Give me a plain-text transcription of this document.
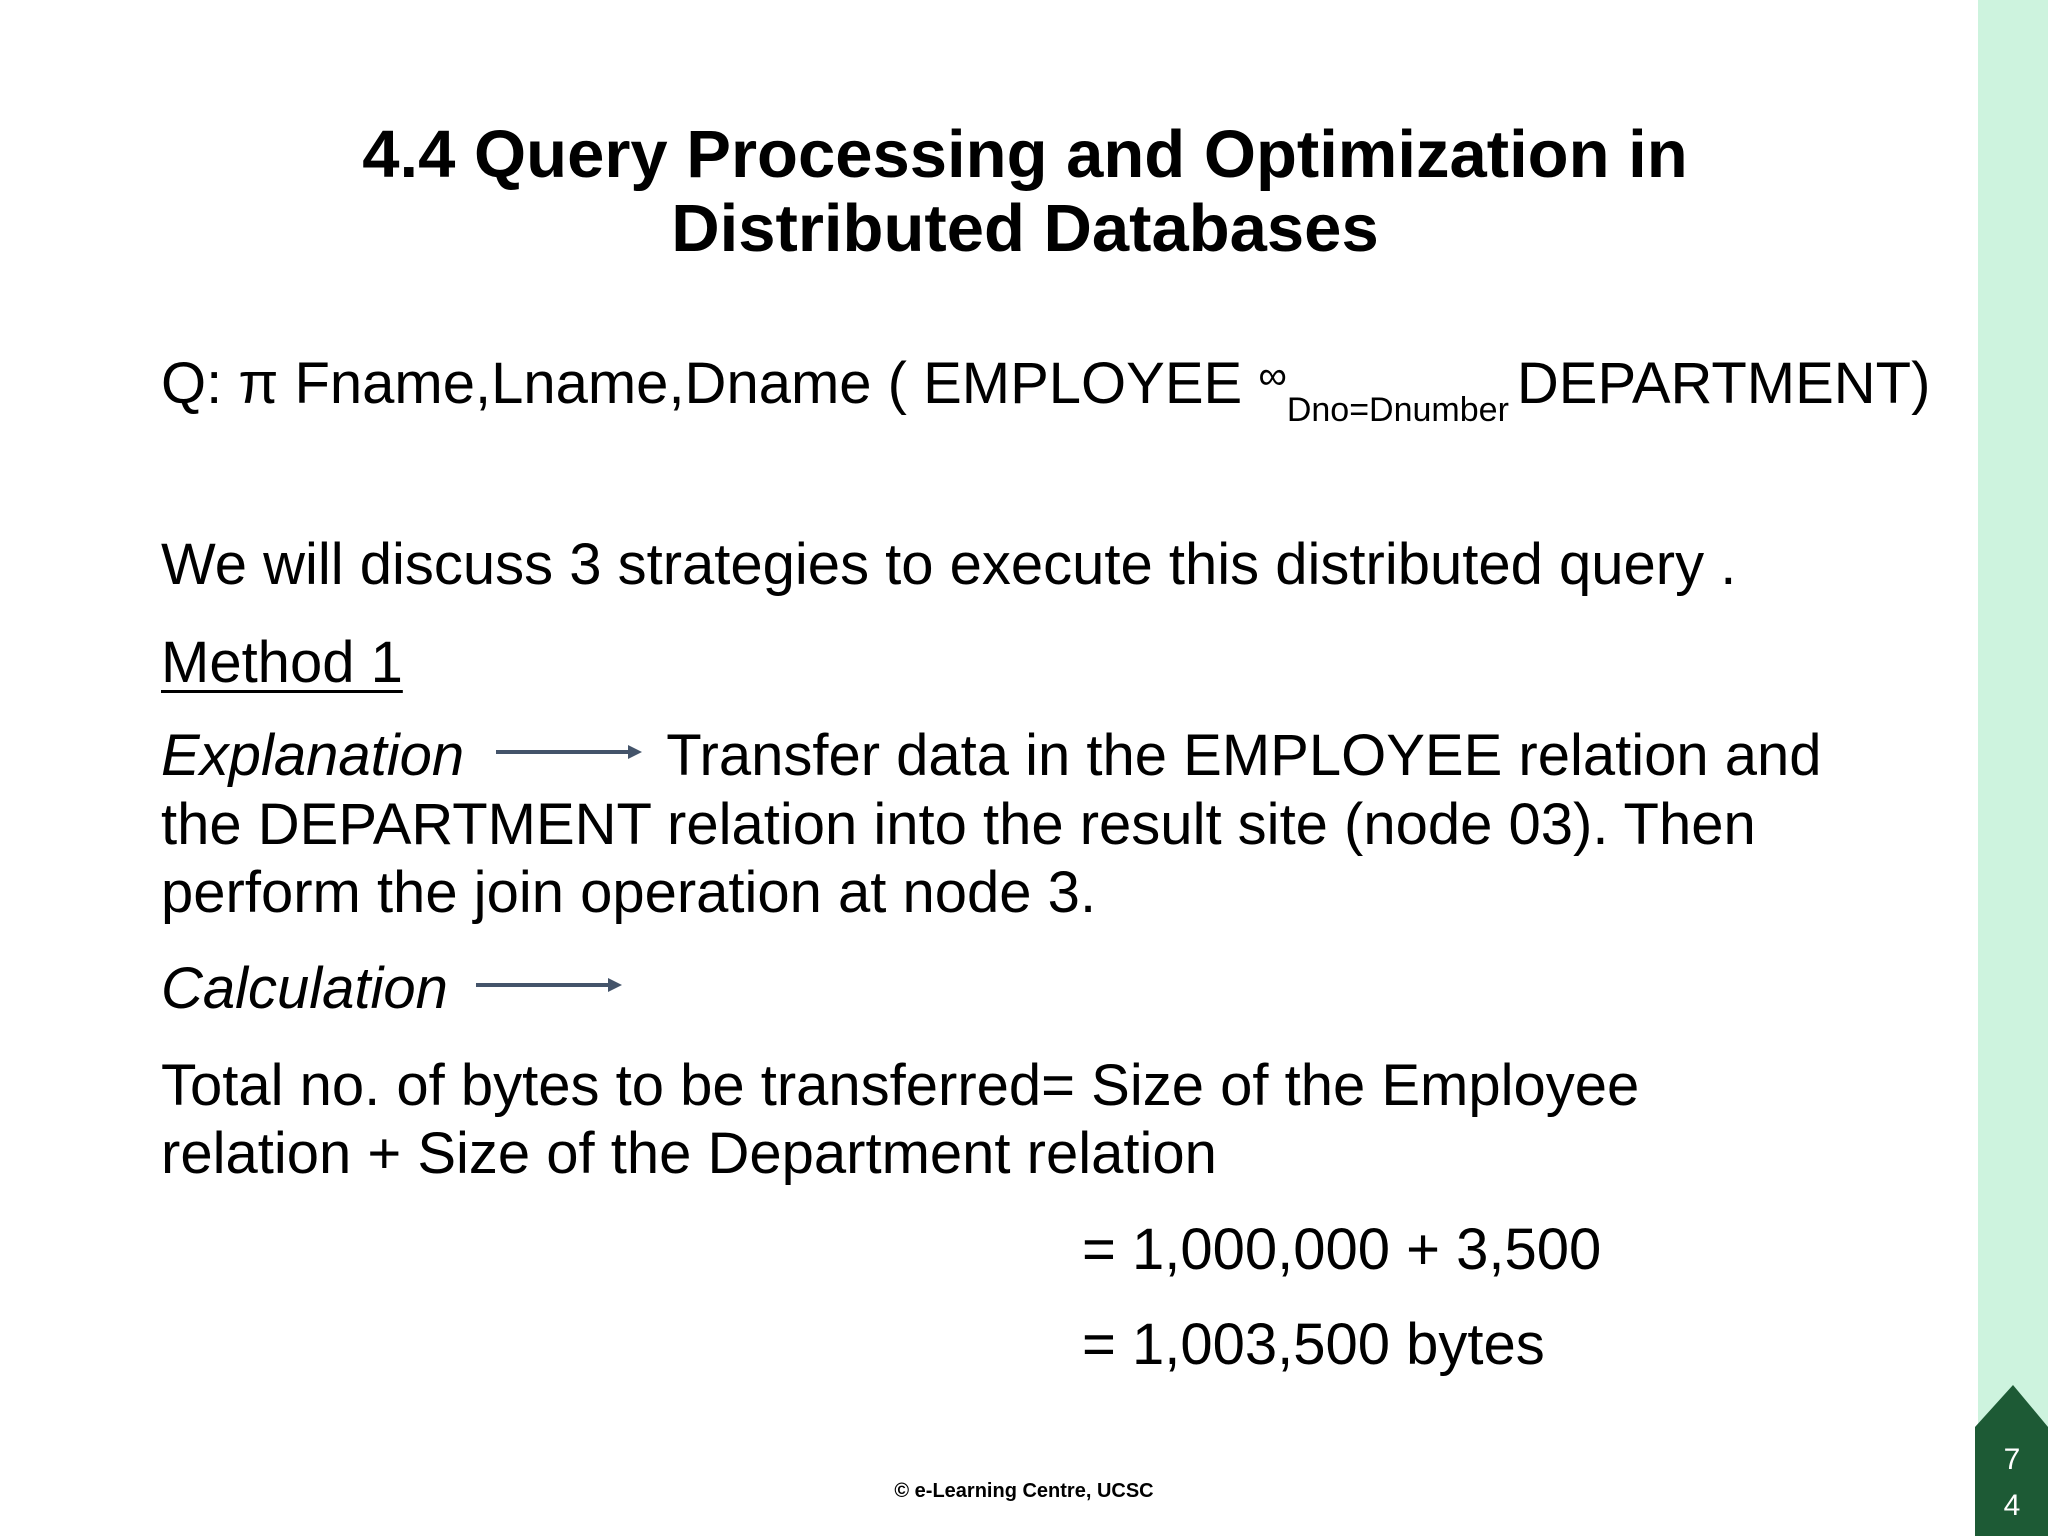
4.4 Query Processing and Optimization in
Distributed Databases
Q: π Fname,Lname,Dname ( EMPLOYEE ∞$_{Dno=Dnumber}$ DEPARTMENT)
We will discuss 3 strategies to execute this distributed query .
Method 1
Explanation	Transfer data in the EMPLOYEE relation and
the DEPARTMENT relation into the result site (node 03). Then
perform the join operation at node 3.
Calculation
Total no. of bytes to be transferred= Size of the Employee
relation + Size of the Department relation
= 1,000,000 + 3,500
= 1,003,500 bytes
© e-Learning Centre, UCSC
7
4
